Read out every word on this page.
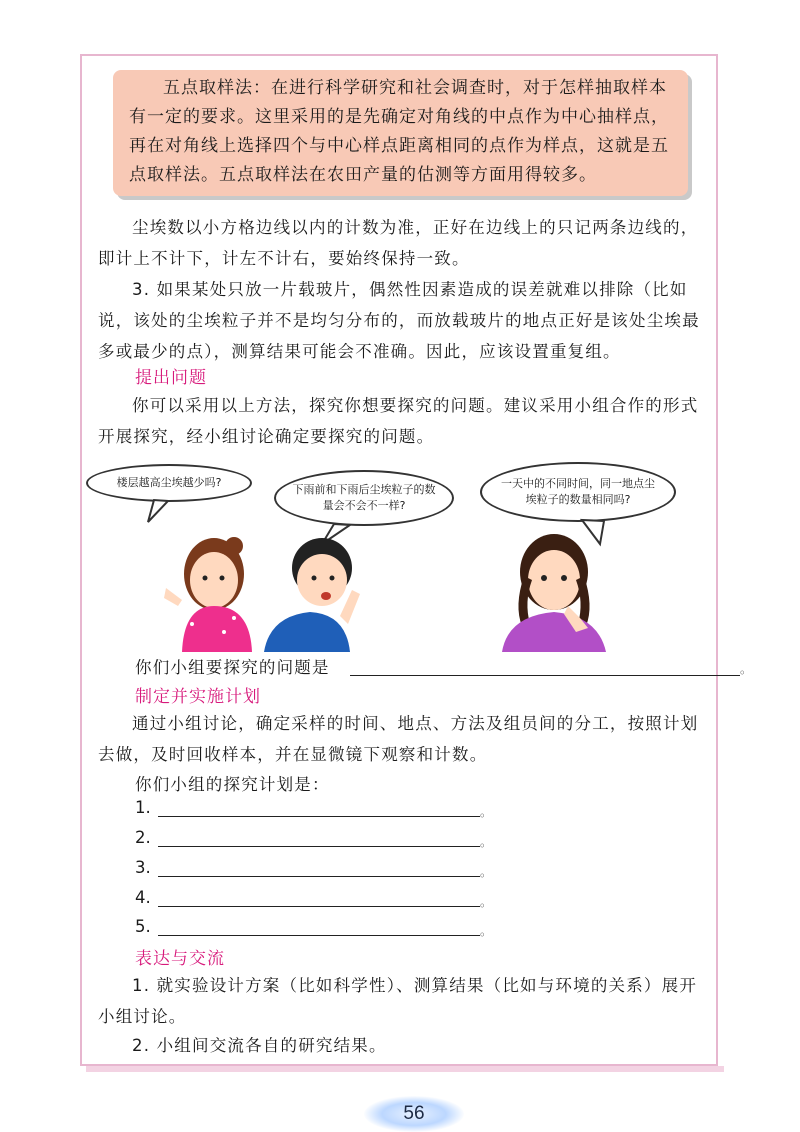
五点取样法：在进行科学研究和社会调查时，对于怎样抽取样本有一定的要求。这里采用的是先确定对角线的中点作为中心抽样点，再在对角线上选择四个与中心样点距离相同的点作为样点，这就是五点取样法。五点取样法在农田产量的估测等方面用得较多。

尘埃数以小方格边线以内的计数为准，正好在边线上的只记两条边线的，即计上不计下，计左不计右，要始终保持一致。

3. 如果某处只放一片载玻片，偶然性因素造成的误差就难以排除（比如说，该处的尘埃粒子并不是均匀分布的，而放载玻片的地点正好是该处尘埃最多或最少的点），测算结果可能会不准确。因此，应该设置重复组。

提出问题

你可以采用以上方法，探究你想要探究的问题。建议采用小组合作的形式开展探究，经小组讨论确定要探究的问题。

楼层越高尘埃越少吗?
下雨前和下雨后尘埃粒子的数量会不会不一样?
一天中的不同时间，同一地点尘埃粒子的数量相同吗?
你们小组要探究的问题是	。

制定并实施计划

通过小组讨论，确定采样的时间、地点、方法及组员间的分工，按照计划去做，及时回收样本，并在显微镜下观察和计数。

你们小组的探究计划是：
1.	。
2.	。
3.	。
4.	。
5.	。

表达与交流

1. 就实验设计方案（比如科学性）、测算结果（比如与环境的关系）展开小组讨论。

2. 小组间交流各自的研究结果。

56
